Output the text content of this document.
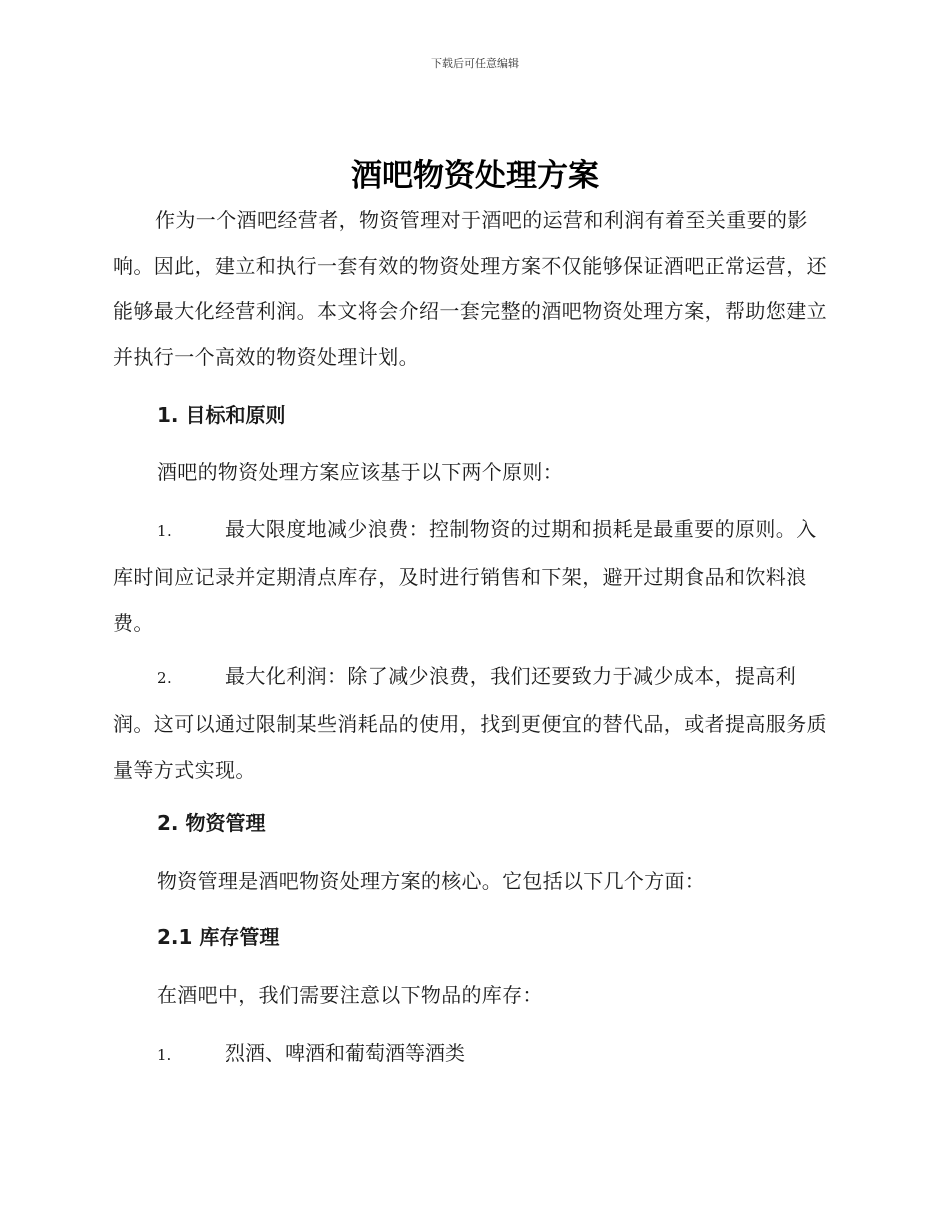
下载后可任意编辑
酒吧物资处理方案
作为一个酒吧经营者，物资管理对于酒吧的运营和利润有着至关重要的影响。因此，建立和执行一套有效的物资处理方案不仅能够保证酒吧正常运营，还能够最大化经营利润。本文将会介绍一套完整的酒吧物资处理方案，帮助您建立并执行一个高效的物资处理计划。
1. 目标和原则
酒吧的物资处理方案应该基于以下两个原则：
1.	最大限度地减少浪费：控制物资的过期和损耗是最重要的原则。入库时间应记录并定期清点库存，及时进行销售和下架，避开过期食品和饮料浪费。
2.	最大化利润：除了减少浪费，我们还要致力于减少成本，提高利润。这可以通过限制某些消耗品的使用，找到更便宜的替代品，或者提高服务质量等方式实现。
2. 物资管理
物资管理是酒吧物资处理方案的核心。它包括以下几个方面：
2.1 库存管理
在酒吧中，我们需要注意以下物品的库存：
1.	烈酒、啤酒和葡萄酒等酒类
